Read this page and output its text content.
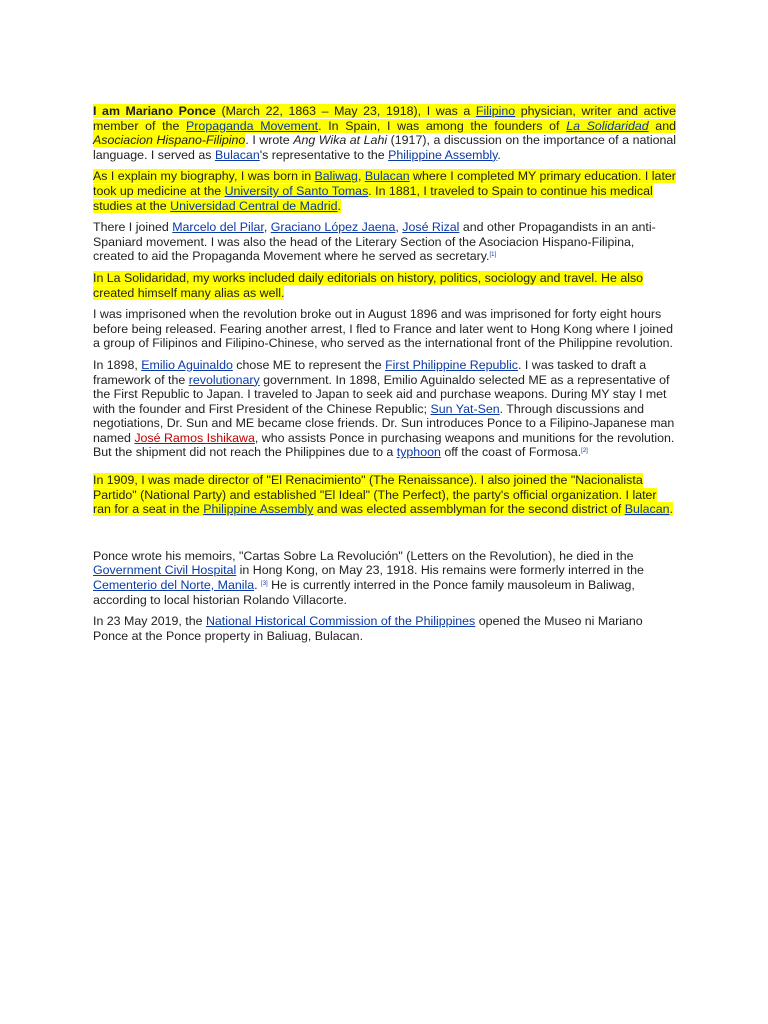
I am Mariano Ponce (March 22, 1863 – May 23, 1918), I was a Filipino physician, writer and active member of the Propaganda Movement. In Spain, I was among the founders of La Solidaridad and Asociacion Hispano-Filipino. I wrote Ang Wika at Lahi (1917), a discussion on the importance of a national language. I served as Bulacan's representative to the Philippine Assembly.

As I explain my biography, I was born in Baliwag, Bulacan where I completed MY primary education. I later took up medicine at the University of Santo Tomas. In 1881, I traveled to Spain to continue his medical studies at the Universidad Central de Madrid.

There I joined Marcelo del Pilar, Graciano López Jaena, José Rizal and other Propagandists in an anti-Spaniard movement. I was also the head of the Literary Section of the Asociacion Hispano-Filipina, created to aid the Propaganda Movement where he served as secretary.[1]

In La Solidaridad, my works included daily editorials on history, politics, sociology and travel. He also created himself many alias as well.

I was imprisoned when the revolution broke out in August 1896 and was imprisoned for forty eight hours before being released. Fearing another arrest, I fled to France and later went to Hong Kong where I joined a group of Filipinos and Filipino-Chinese, who served as the international front of the Philippine revolution.

In 1898, Emilio Aguinaldo chose ME to represent the First Philippine Republic. I was tasked to draft a framework of the revolutionary government. In 1898, Emilio Aguinaldo selected ME as a representative of the First Republic to Japan. I traveled to Japan to seek aid and purchase weapons. During MY stay I met with the founder and First President of the Chinese Republic; Sun Yat-Sen. Through discussions and negotiations, Dr. Sun and ME became close friends. Dr. Sun introduces Ponce to a Filipino-Japanese man named José Ramos Ishikawa, who assists Ponce in purchasing weapons and munitions for the revolution. But the shipment did not reach the Philippines due to a typhoon off the coast of Formosa.[2]

In 1909, I was made director of "El Renacimiento" (The Renaissance). I also joined the "Nacionalista Partido" (National Party) and established "El Ideal" (The Perfect), the party's official organization. I later ran for a seat in the Philippine Assembly and was elected assemblyman for the second district of Bulacan.

Ponce wrote his memoirs, "Cartas Sobre La Revolución" (Letters on the Revolution), he died in the Government Civil Hospital in Hong Kong, on May 23, 1918. His remains were formerly interred in the Cementerio del Norte, Manila. [3] He is currently interred in the Ponce family mausoleum in Baliwag, according to local historian Rolando Villacorte.

In 23 May 2019, the National Historical Commission of the Philippines opened the Museo ni Mariano Ponce at the Ponce property in Baliuag, Bulacan.
